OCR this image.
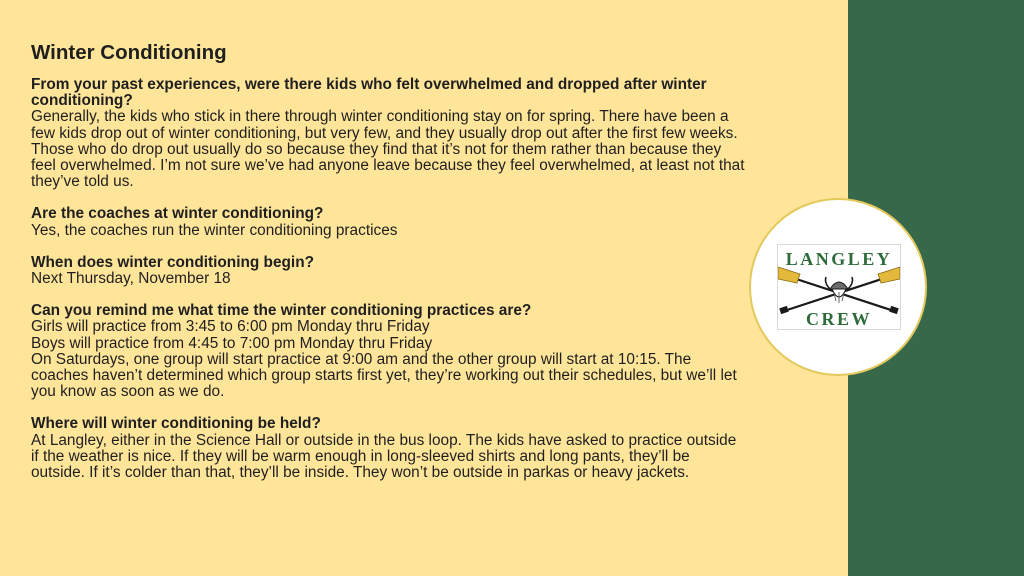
Winter Conditioning
From your past experiences, were there kids who felt overwhelmed and dropped after winter conditioning?
Generally, the kids who stick in there through winter conditioning stay on for spring. There have been a few kids drop out of winter conditioning, but very few, and they usually drop out after the first few weeks. Those who do drop out usually do so because they find that it’s not for them rather than because they feel overwhelmed. I’m not sure we’ve had anyone leave because they feel overwhelmed, at least not that they’ve told us.
Are the coaches at winter conditioning?
Yes, the coaches run the winter conditioning practices
When does winter conditioning begin?
Next Thursday, November 18
Can you remind me what time the winter conditioning practices are?
Girls will practice from 3:45 to 6:00 pm Monday thru Friday
Boys will practice from 4:45 to 7:00 pm Monday thru Friday
On Saturdays, one group will start practice at 9:00 am and the other group will start at 10:15. The coaches haven’t determined which group starts first yet, they’re working out their schedules, but we’ll let you know as soon as we do.
Where will winter conditioning be held?
At Langley, either in the Science Hall or outside in the bus loop. The kids have asked to practice outside if the weather is nice. If they will be warm enough in long-sleeved shirts and long pants, they’ll be outside. If it’s colder than that, they’ll be inside. They won’t be outside in parkas or heavy jackets.
LANGLEY
CREW
